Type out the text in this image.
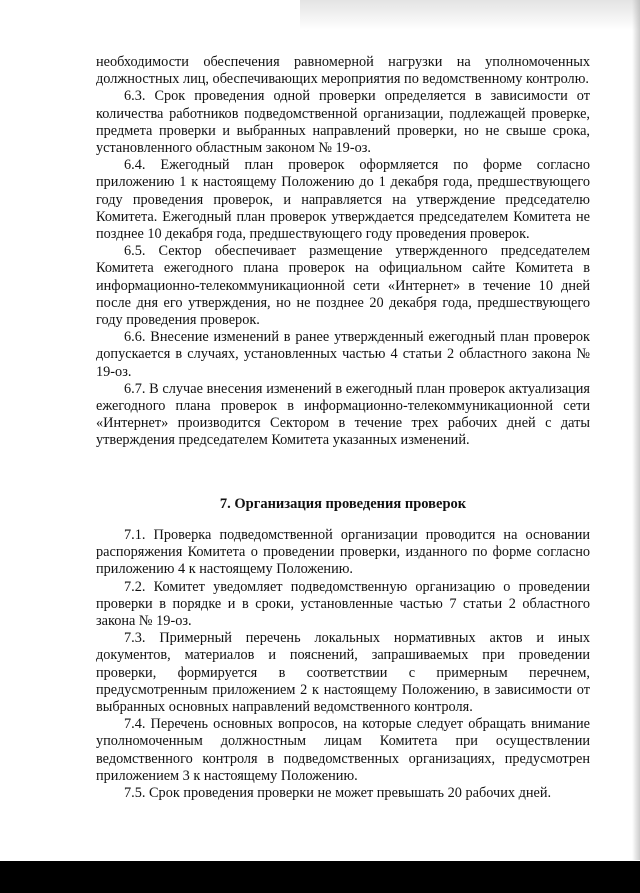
необходимости обеспечения равномерной нагрузки на уполномоченных должностных лиц, обеспечивающих мероприятия по ведомственному контролю.

6.3. Срок проведения одной проверки определяется в зависимости от количества работников подведомственной организации, подлежащей проверке, предмета проверки и выбранных направлений проверки, но не свыше срока, установленного областным законом № 19-оз.

6.4. Ежегодный план проверок оформляется по форме согласно приложению 1 к настоящему Положению до 1 декабря года, предшествующего году проведения проверок, и направляется на утверждение председателю Комитета. Ежегодный план проверок утверждается председателем Комитета не позднее 10 декабря года, предшествующего году проведения проверок.

6.5. Сектор обеспечивает размещение утвержденного председателем Комитета ежегодного плана проверок на официальном сайте Комитета в информационно-телекоммуникационной сети «Интернет» в течение 10 дней после дня его утверждения, но не позднее 20 декабря года, предшествующего году проведения проверок.

6.6. Внесение изменений в ранее утвержденный ежегодный план проверок допускается в случаях, установленных частью 4 статьи 2 областного закона № 19-оз.

6.7. В случае внесения изменений в ежегодный план проверок актуализация ежегодного плана проверок в информационно-телекоммуникационной сети «Интернет» производится Сектором в течение трех рабочих дней с даты утверждения председателем Комитета указанных изменений.

7. Организация проведения проверок

7.1. Проверка подведомственной организации проводится на основании распоряжения Комитета о проведении проверки, изданного по форме согласно приложению 4 к настоящему Положению.

7.2. Комитет уведомляет подведомственную организацию о проведении проверки в порядке и в сроки, установленные частью 7 статьи 2 областного закона № 19-оз.

7.3. Примерный перечень локальных нормативных актов и иных документов, материалов и пояснений, запрашиваемых при проведении проверки, формируется в соответствии с примерным перечнем, предусмотренным приложением 2 к настоящему Положению, в зависимости от выбранных основных направлений ведомственного контроля.

7.4. Перечень основных вопросов, на которые следует обращать внимание уполномоченным должностным лицам Комитета при осуществлении ведомственного контроля в подведомственных организациях, предусмотрен приложением 3 к настоящему Положению.

7.5. Срок проведения проверки не может превышать 20 рабочих дней.
